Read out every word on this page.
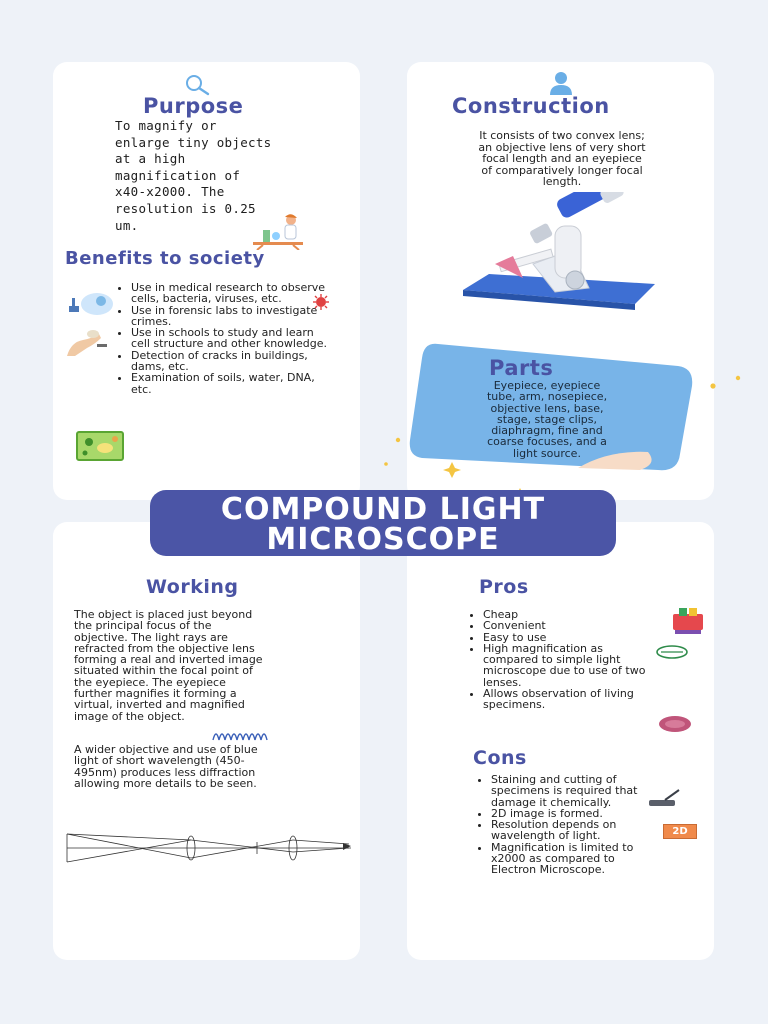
Purpose
To magnify or
enlarge tiny objects
at a high
magnification of
x40-x2000. The
resolution is 0.25
um.
Benefits to society
• Use in medical research to observe cells, bacteria, viruses, etc.
• Use in forensic labs to investigate crimes.
• Use in schools to study and learn cell structure and other knowledge.
• Detection of cracks in buildings, dams, etc.
• Examination of soils, water, DNA, etc.
Construction
It consists of two convex lens;
an objective lens of very short
focal length and an eyepiece
of comparatively longer focal
length.
Parts
Eyepiece, eyepiece
tube, arm, nosepiece,
objective lens, base,
stage, stage clips,
diaphragm, fine and
coarse focuses, and a
light source.
Working
The object is placed just beyond
the principal focus of the
objective. The light rays are
refracted from the objective lens
forming a real and inverted image
situated within the focal point of
the eyepiece. The eyepiece
further magnifies it forming a
virtual, inverted and magnified
image of the object.
A wider objective and use of blue
light of short wavelength (450-
495nm) produces less diffraction
allowing more details to be seen.
Pros
• Cheap
• Convenient
• Easy to use
• High magnification as compared to simple light microscope due to use of two lenses.
• Allows observation of living specimens.
Cons
• Staining and cutting of specimens is required that damage it chemically.
• 2D image is formed.
• Resolution depends on wavelength of light.
• Magnification is limited to x2000 as compared to Electron Microscope.
2D
COMPOUND LIGHT
MICROSCOPE
